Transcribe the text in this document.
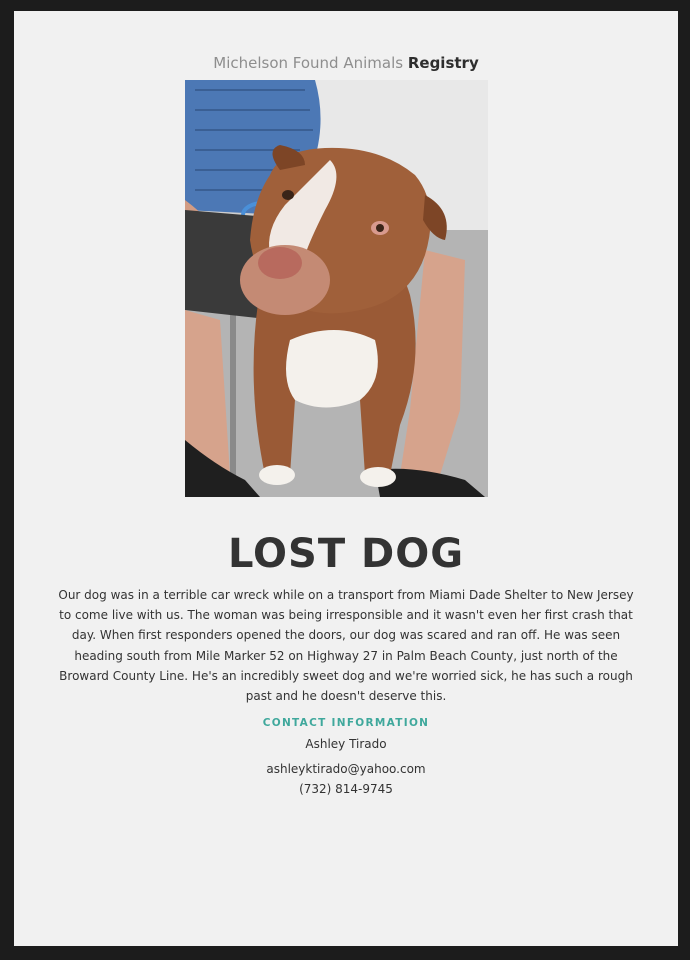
Michelson Found Animals Registry
LOST DOG
Our dog was in a terrible car wreck while on a transport from Miami Dade Shelter to New Jersey to come live with us. The woman was being irresponsible and it wasn't even her first crash that day. When first responders opened the doors, our dog was scared and ran off. He was seen heading south from Mile Marker 52 on Highway 27 in Palm Beach County, just north of the Broward County Line. He's an incredibly sweet dog and we're worried sick, he has such a rough past and he doesn't deserve this.
CONTACT INFORMATION
Ashley Tirado
ashleyktirado@yahoo.com
(732) 814-9745
